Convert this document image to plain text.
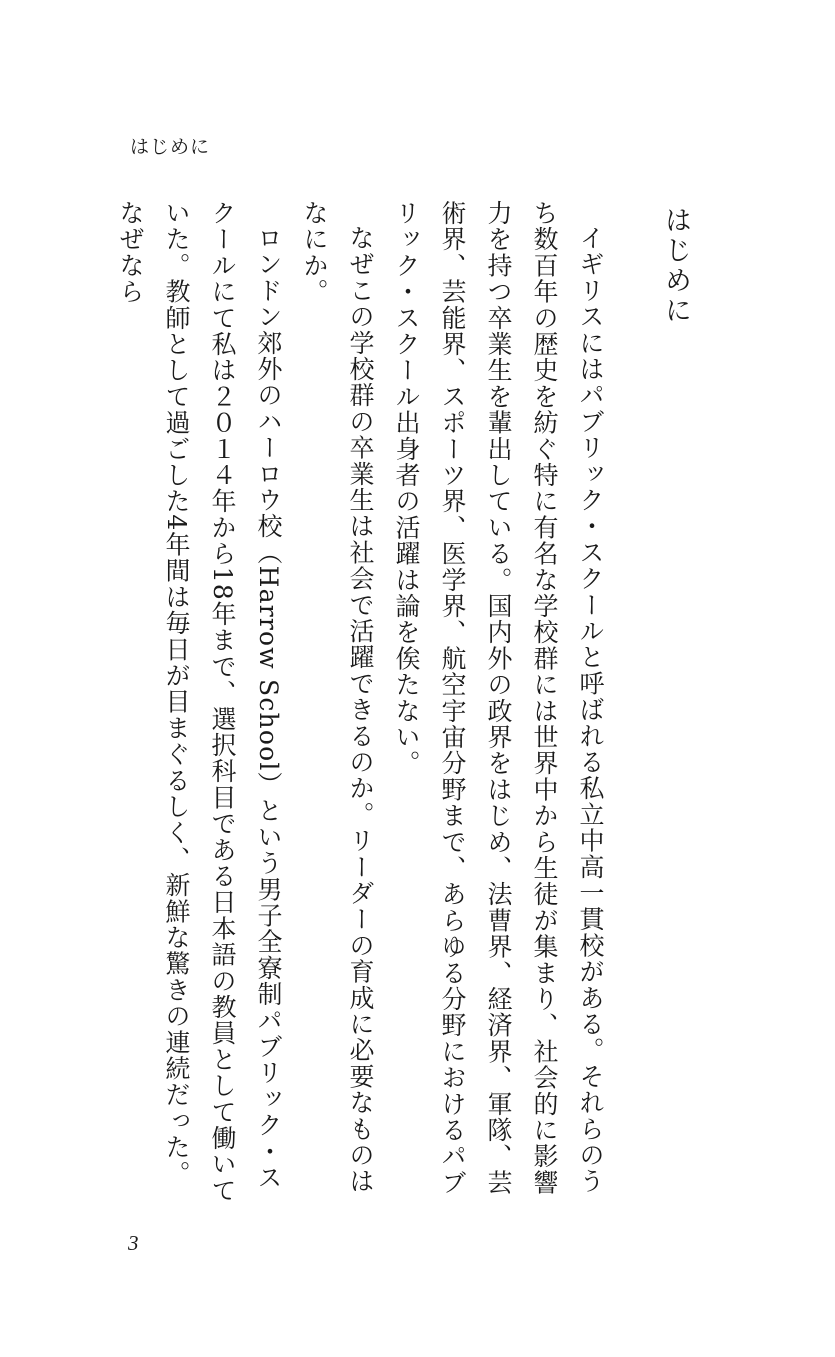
はじめに
はじめに

イギリスにはパブリック・スクールと呼ばれる私立中高一貫校がある。それらのうち数百年の歴史を紡ぐ特に有名な学校群には世界中から生徒が集まり、社会的に影響力を持つ卒業生を輩出している。国内外の政界をはじめ、法曹界、経済界、軍隊、芸術界、芸能界、スポーツ界、医学界、航空宇宙分野まで、あらゆる分野におけるパブリック・スクール出身者の活躍は論を俟たない。

なぜこの学校群の卒業生は社会で活躍できるのか。リーダーの育成に必要なものはなにか。

ロンドン郊外のハーロウ校（Harrow School）という男子全寮制パブリック・スクールにて私は２０１４年から18年まで、選択科目である日本語の教員として働いていた。教師として過ごした4年間は毎日が目まぐるしく、新鮮な驚きの連続だった。なぜなら

3
